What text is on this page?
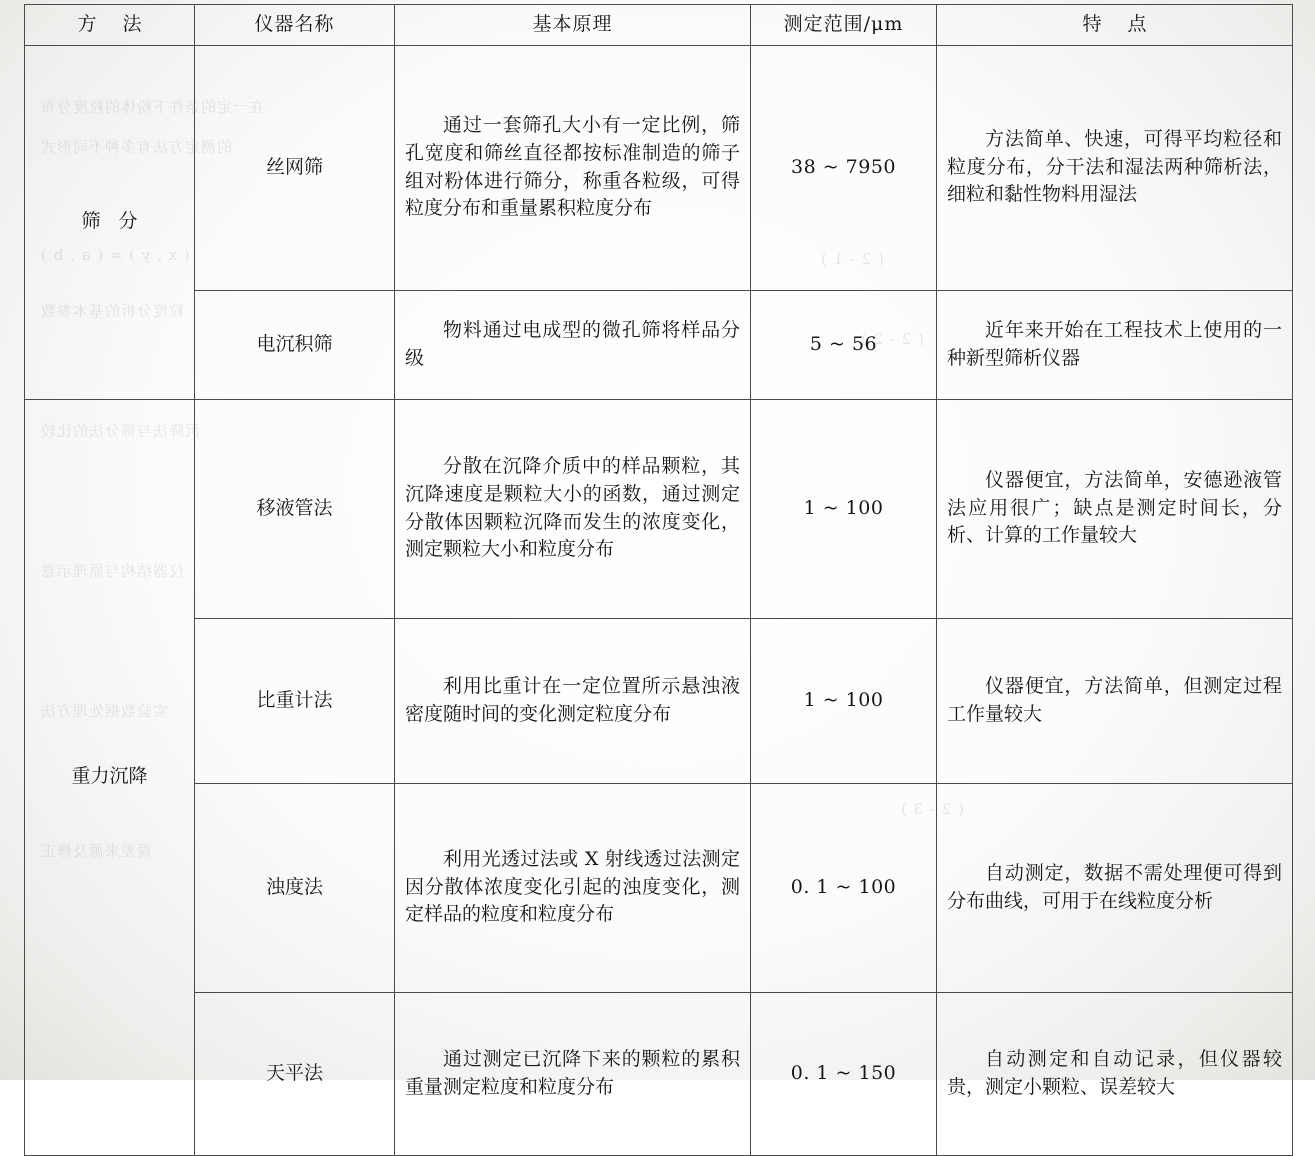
在一定的条件下粉体的粒度分布
的测定方法有多种不同形式
( x , y ) = ( a , b )
粒度分析的基本参数
沉降法与筛分法的比较
仪器结构与原理示意
实验数据处理方法
误差来源及修正
( 2 - 1 )
( 2 - 2 )
( 2 - 3 )
方 法	仪器名称	基本原理	测定范围/μm	特 点
筛 分	丝网筛	通过一套筛孔大小有一定比例，筛孔宽度和筛丝直径都按标准制造的筛子组对粉体进行筛分，称重各粒级，可得粒度分布和重量累积粒度分布	38 ~ 7950	方法简单、快速，可得平均粒径和粒度分布，分干法和湿法两种筛析法，细粒和黏性物料用湿法
	电沉积筛	物料通过电成型的微孔筛将样品分级	5 ~ 56	近年来开始在工程技术上使用的一种新型筛析仪器
重力沉降	移液管法	分散在沉降介质中的样品颗粒，其沉降速度是颗粒大小的函数，通过测定分散体因颗粒沉降而发生的浓度变化，测定颗粒大小和粒度分布	1 ~ 100	仪器便宜，方法简单，安德逊液管法应用很广；缺点是测定时间长，分析、计算的工作量较大
	比重计法	利用比重计在一定位置所示悬浊液密度随时间的变化测定粒度分布	1 ~ 100	仪器便宜，方法简单，但测定过程工作量较大
	浊度法	利用光透过法或 X 射线透过法测定因分散体浓度变化引起的浊度变化，测定样品的粒度和粒度分布	0. 1 ~ 100	自动测定，数据不需处理便可得到分布曲线，可用于在线粒度分析
	天平法	通过测定已沉降下来的颗粒的累积重量测定粒度和粒度分布	0. 1 ~ 150	自动测定和自动记录，但仪器较贵，测定小颗粒、误差较大
